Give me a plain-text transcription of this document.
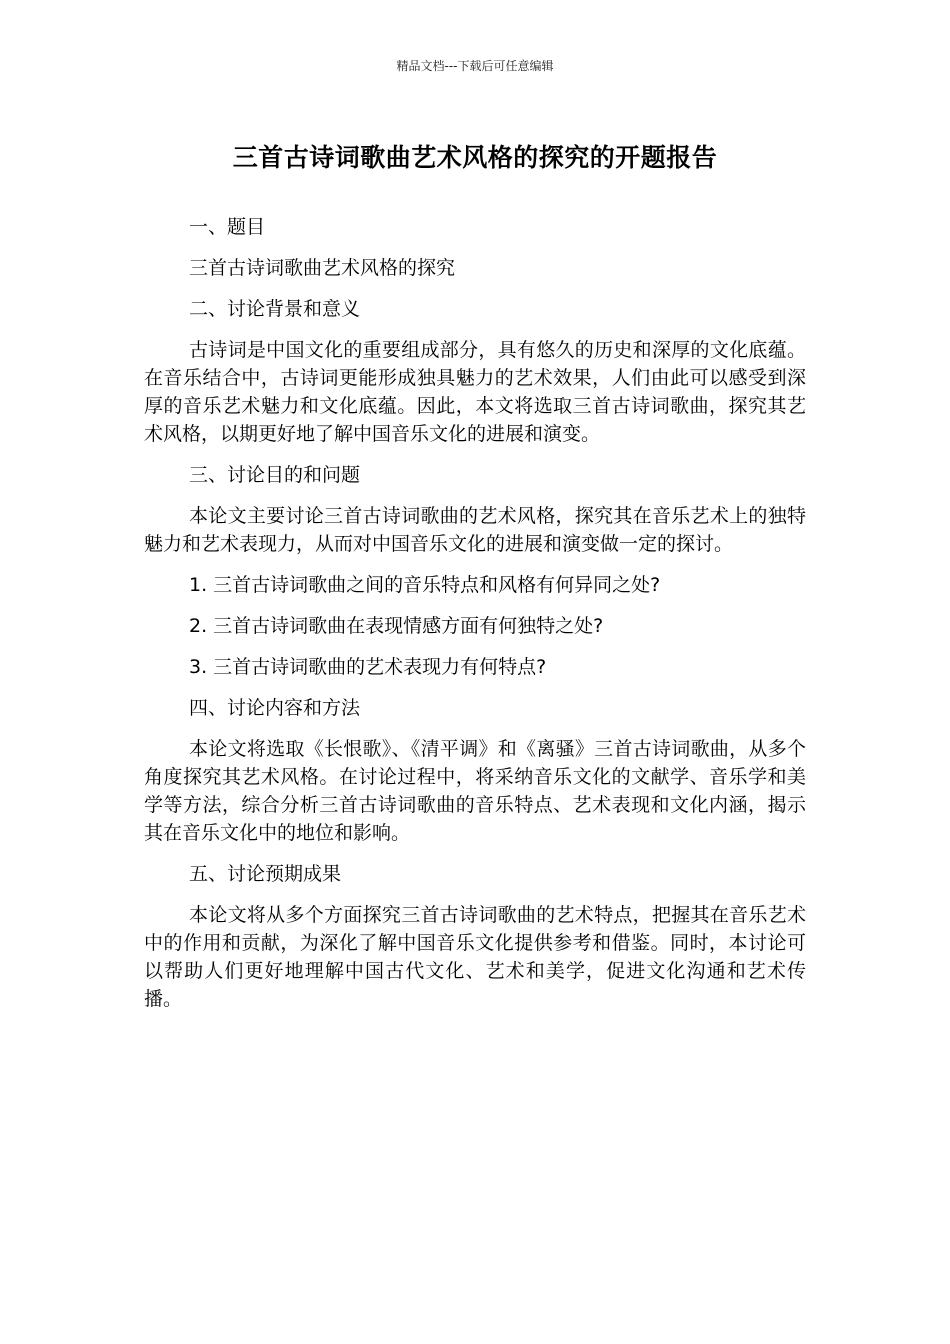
精品文档---下载后可任意编辑
三首古诗词歌曲艺术风格的探究的开题报告

一、题目

三首古诗词歌曲艺术风格的探究

二、讨论背景和意义

古诗词是中国文化的重要组成部分，具有悠久的历史和深厚的文化底蕴。在音乐结合中，古诗词更能形成独具魅力的艺术效果，人们由此可以感受到深厚的音乐艺术魅力和文化底蕴。因此，本文将选取三首古诗词歌曲，探究其艺术风格，以期更好地了解中国音乐文化的进展和演变。

三、讨论目的和问题

本论文主要讨论三首古诗词歌曲的艺术风格，探究其在音乐艺术上的独特魅力和艺术表现力，从而对中国音乐文化的进展和演变做一定的探讨。

1. 三首古诗词歌曲之间的音乐特点和风格有何异同之处?

2. 三首古诗词歌曲在表现情感方面有何独特之处?

3. 三首古诗词歌曲的艺术表现力有何特点?

四、讨论内容和方法

本论文将选取《长恨歌》、《清平调》和《离骚》三首古诗词歌曲，从多个角度探究其艺术风格。在讨论过程中，将采纳音乐文化的文献学、音乐学和美学等方法，综合分析三首古诗词歌曲的音乐特点、艺术表现和文化内涵，揭示其在音乐文化中的地位和影响。

五、讨论预期成果

本论文将从多个方面探究三首古诗词歌曲的艺术特点，把握其在音乐艺术中的作用和贡献，为深化了解中国音乐文化提供参考和借鉴。同时，本讨论可以帮助人们更好地理解中国古代文化、艺术和美学，促进文化沟通和艺术传播。
